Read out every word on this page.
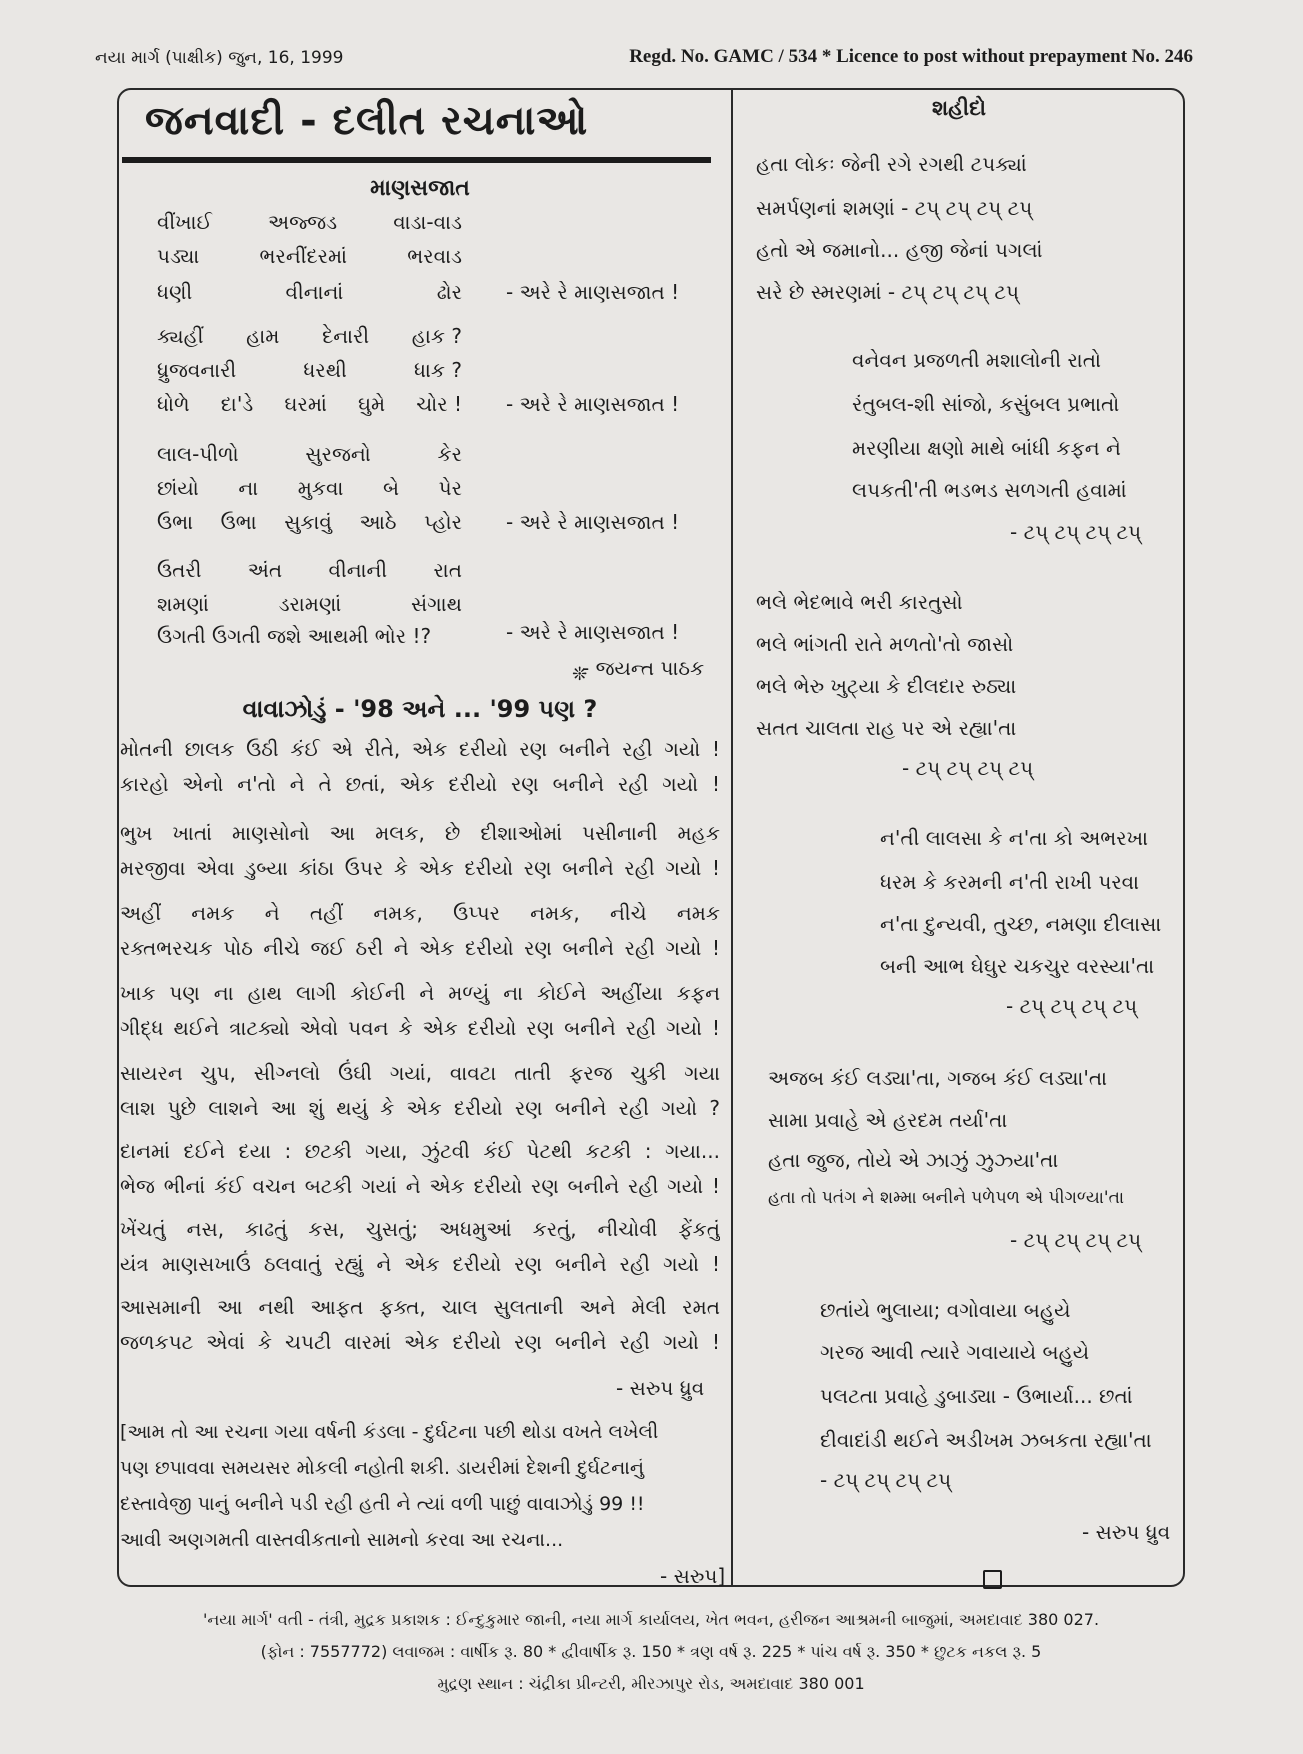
નયા માર્ગ (પાક્ષીક) જુન, 16, 1999	Regd. No. GAMC / 534 * Licence to post without prepayment No. 246
જનવાદી - દલીત રચનાઓ
માણસજાત
વીંખાઈ	અજ્જડ	વાડા-વાડ
પડ્યા	ભરનીંદરમાં	ભરવાડ
ધણી	વીનાનાં	ઢોર - અરે રે માણસજાત !
ક્યહીં હામ દેનારી હાક ?
ધ્રુજવનારી	ધરથી	ધાક ?
ધોળે દા'ડે ઘરમાં ઘુમે ચોર ! - અરે રે માણસજાત !
લાલ-પીળો	સુરજનો	કેર
છાંયો ના મુકવા બે પેર
ઉભા ઉભા સુકાવું આઠે પ્હોર - અરે રે માણસજાત !
ઉતરી અંત વીનાની રાત
શમણાં	ડરામણાં	સંગાથ
ઉગતી ઉગતી જશે આથમી ભોર !?	- અરે રે માણસજાત !
- જયન્ત પાઠક
❊
વાવાઝોડું - '98 અને ... '99 પણ ?
મોતની છાલક ઉઠી કંઈ એ રીતે, એક દરીયો રણ બનીને રહી ગયો !
કારહો એનો ન'તો ને તે છતાં, એક દરીયો રણ બનીને રહી ગયો !
ભુખ ખાતાં માણસોનો આ મલક, છે દીશાઓમાં પસીનાની મહક
મરજીવા એવા ડુબ્યા કાંઠા ઉપર કે એક દરીયો રણ બનીને રહી ગયો !
અહીં નમક ને તહીં નમક, ઉપ્પર નમક, નીચે નમક
રક્તભરચક પોઠ નીચે જઈ ઠરી ને એક દરીયો રણ બનીને રહી ગયો !
ખાક પણ ના હાથ લાગી કોઈની ને મળ્યું ના કોઈને અહીંયા કફન
ગીદ્ધ થઈને ત્રાટક્યો એવો પવન કે એક દરીયો રણ બનીને રહી ગયો !
સાયરન ચુપ, સીગ્નલો ઉંઘી ગયાં, વાવટા તાતી ફરજ ચુકી ગયા
લાશ પુછે લાશને આ શું થયું કે એક દરીયો રણ બનીને રહી ગયો ?
દાનમાં દઈને દયા : છટકી ગયા, ઝુંટવી કંઈ પેટથી કટકી : ગયા...
ભેજ ભીનાં કંઈ વચન બટકી ગયાં ને એક દરીયો રણ બનીને રહી ગયો !
ખેંચતું નસ, કાઢતું કસ, ચુસતું; અધમુઆં કરતું, નીચોવી ફેંકતું
યંત્ર માણસખાઉં ઠલવાતું રહ્યું ને એક દરીયો રણ બનીને રહી ગયો !
આસમાની આ નથી આફત ફક્ત, ચાલ સુલતાની અને મેલી રમત
જળકપટ એવાં કે ચપટી વારમાં એક દરીયો રણ બનીને રહી ગયો !
- સરુપ ધ્રુવ
[આમ તો આ રચના ગયા વર્ષની કંડલા - દુર્ઘટના પછી થોડા વખતે લખેલી
પણ છપાવવા સમયસર મોકલી નહોતી શકી. ડાયરીમાં દેશની દુર્ઘટનાનું
દસ્તાવેજી પાનું બનીને પડી રહી હતી ને ત્યાં વળી પાછું વાવાઝોડું 99 !!
આવી અણગમતી વાસ્તવીકતાનો સામનો કરવા આ રચના...
- સરુપ]
શહીદો
હતા લોકઃ જેની રગે રગથી ટપક્યાં
સમર્પણનાં શમણાં - ટપ્ ટપ્ ટપ્ ટપ્
હતો એ જમાનો... હજી જેનાં પગલાં
સરે છે સ્મરણમાં - ટપ્ ટપ્ ટપ્ ટપ્
વનેવન પ્રજળતી મશાલોની રાતો
રંતુબલ-શી સાંજો, કસુંબલ પ્રભાતો
મરણીયા ક્ષણો માથે બાંધી કફન ને
લપકતી'તી ભડભડ સળગતી હવામાં
- ટપ્ ટપ્ ટપ્ ટપ્
ભલે ભેદભાવે ભરી કારતુસો
ભલે ભાંગતી રાતે મળતો'તો જાસો
ભલે ભેરુ ખુટ્યા કે દીલદાર રુઠ્યા
સતત ચાલતા રાહ પર એ રહ્યા'તા
- ટપ્ ટપ્ ટપ્ ટપ્
ન'તી લાલસા કે ન'તા કો અભરખા
ધરમ કે કરમની ન'તી રાખી પરવા
ન'તા દુન્યવી, તુચ્છ, નમણા દીલાસા
બની આભ ઘેઘુર ચકચુર વરસ્યા'તા
- ટપ્ ટપ્ ટપ્ ટપ્
અજબ કંઈ લડ્યા'તા, ગજબ કંઈ લડ્યા'તા
સામા પ્રવાહે એ હરદમ તર્યા'તા
હતા જુજ, તોયે એ ઝાઝું ઝુઝ્યા'તા
હતા તો પતંગ ને શમ્મા બનીને પળેપળ એ પીગળ્યા'તા
- ટપ્ ટપ્ ટપ્ ટપ્
છતાંયે ભુલાયા; વગોવાયા બહુયે
ગરજ આવી ત્યારે ગવાયાયે બહુયે
પલટતા પ્રવાહે ડુબાડ્યા - ઉભાર્યા... છતાં
દીવાદાંડી થઈને અડીખમ ઝબકતા રહ્યા'તા
- ટપ્ ટપ્ ટપ્ ટપ્
- સરુપ ધ્રુવ
'નયા માર્ગ' વતી - તંત્રી, મુદ્રક પ્રકાશક : ઈન્દુકુમાર જાની, નયા માર્ગ કાર્યાલય, ખેત ભવન, હરીજન આશ્રમની બાજુમાં, અમદાવાદ 380 027.
(ફોન : 7557772) લવાજમ : વાર્ષીક રૂ. 80 * દ્વીવાર્ષીક રૂ. 150 * ત્રણ વર્ષ રૂ. 225 * પાંચ વર્ષ રૂ. 350 * છુટક નકલ રૂ. 5
મુદ્રણ સ્થાન : ચંદ્રીકા પ્રીન્ટરી, મીરઝાપુર રોડ, અમદાવાદ 380 001
